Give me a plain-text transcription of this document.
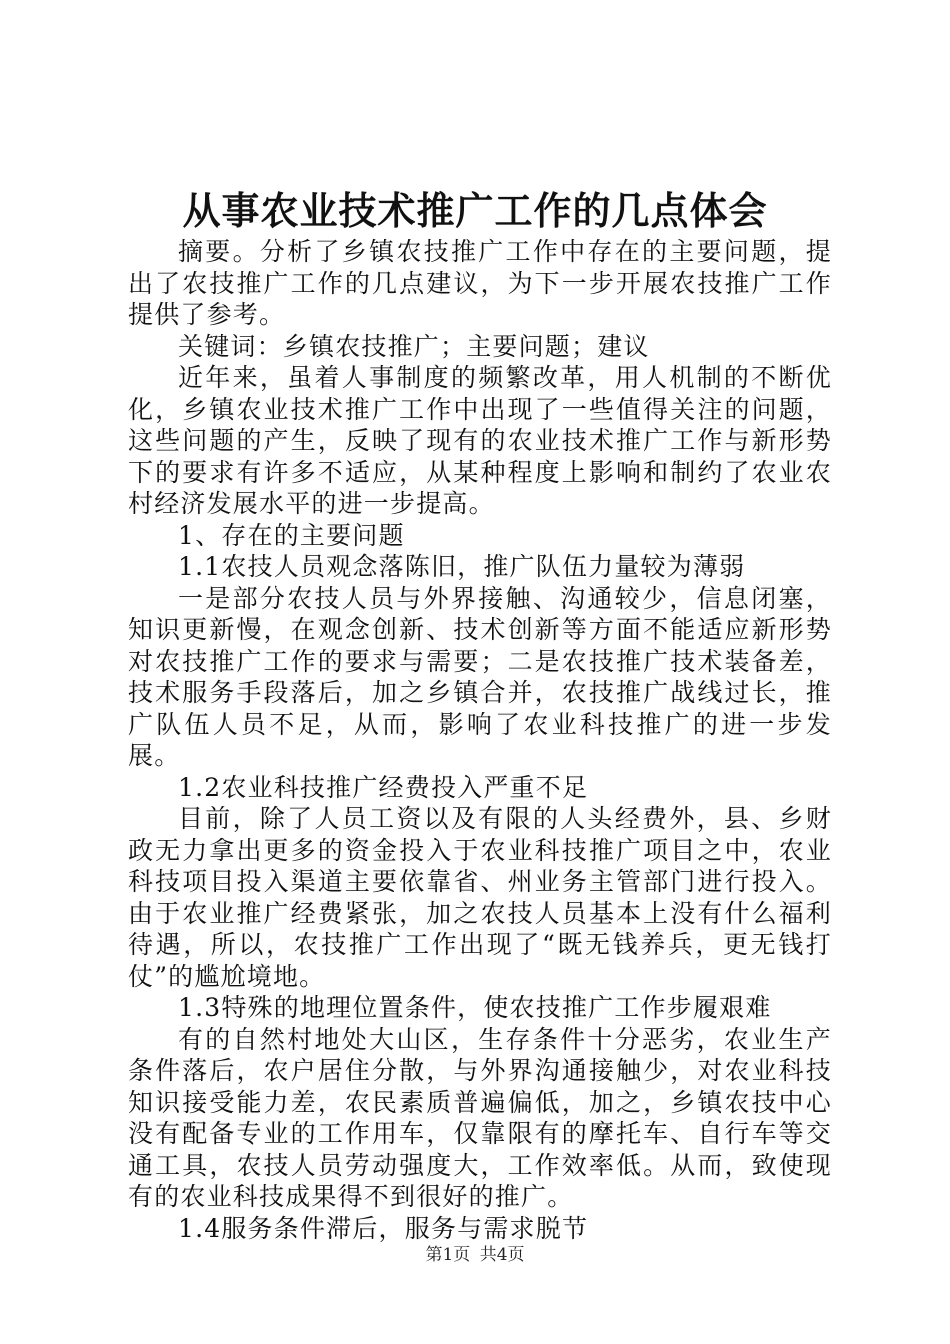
从事农业技术推广工作的几点体会

摘要。分析了乡镇农技推广工作中存在的主要问题，提出了农技推广工作的几点建议，为下一步开展农技推广工作提供了参考。

关键词：乡镇农技推广；主要问题；建议

近年来，虽着人事制度的频繁改革，用人机制的不断优化，乡镇农业技术推广工作中出现了一些值得关注的问题，这些问题的产生，反映了现有的农业技术推广工作与新形势下的要求有许多不适应，从某种程度上影响和制约了农业农村经济发展水平的进一步提高。

1、存在的主要问题

1.1农技人员观念落陈旧，推广队伍力量较为薄弱

一是部分农技人员与外界接触、沟通较少，信息闭塞，知识更新慢，在观念创新、技术创新等方面不能适应新形势对农技推广工作的要求与需要；二是农技推广技术装备差，技术服务手段落后，加之乡镇合并，农技推广战线过长，推广队伍人员不足，从而，影响了农业科技推广的进一步发展。

1.2农业科技推广经费投入严重不足

目前，除了人员工资以及有限的人头经费外，县、乡财政无力拿出更多的资金投入于农业科技推广项目之中，农业科技项目投入渠道主要依靠省、州业务主管部门进行投入。由于农业推广经费紧张，加之农技人员基本上没有什么福利待遇，所以，农技推广工作出现了“既无钱养兵，更无钱打仗”的尴尬境地。

1.3特殊的地理位置条件，使农技推广工作步履艰难

有的自然村地处大山区，生存条件十分恶劣，农业生产条件落后，农户居住分散，与外界沟通接触少，对农业科技知识接受能力差，农民素质普遍偏低，加之，乡镇农技中心没有配备专业的工作用车，仅靠限有的摩托车、自行车等交通工具，农技人员劳动强度大，工作效率低。从而，致使现有的农业科技成果得不到很好的推广。

1.4服务条件滞后，服务与需求脱节

第1页 共4页
